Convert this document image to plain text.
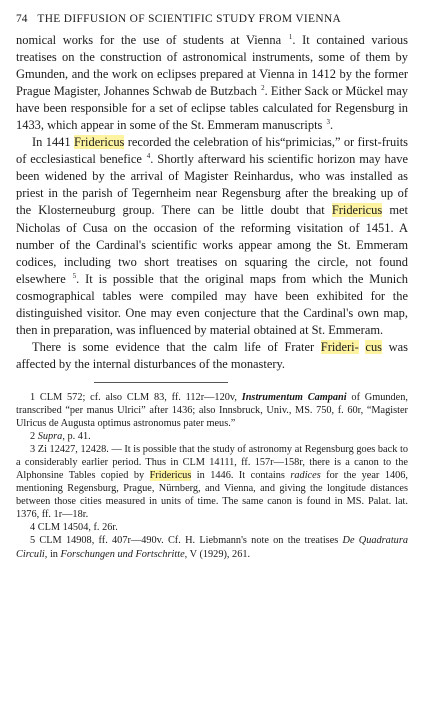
74 THE DIFFUSION OF SCIENTIFIC STUDY FROM VIENNA

nomical works for the use of students at Vienna $^1$. It contained various treatises on the construction of astronomical instruments, some of them by Gmunden, and the work on eclipses prepared at Vienna in 1412 by the former Prague Magister, Johannes Schwab de Butzbach $^2$. Either Sack or Mückel may have been responsible for a set of eclipse tables calculated for Regensburg in 1433, which appear in some of the St. Emmeram manuscripts $^3$.

In 1441 Fridericus recorded the celebration of his“primicias,” or first-fruits of ecclesiastical benefice $^4$. Shortly afterward his scientific horizon may have been widened by the arrival of Magister Reinhardus, who was installed as priest in the parish of Tegernheim near Regensburg after the breaking up of the Klosterneuburg group. There can be little doubt that Fridericus met Nicholas of Cusa on the occasion of the reforming visitation of 1451. A number of the Cardinal's scientific works appear among the St. Emmeram codices, including two short treatises on squaring the circle, not found elsewhere $^5$. It is possible that the original maps from which the Munich cosmographical tables were compiled may have been exhibited for the distinguished visitor. One may even conjecture that the Cardinal's own map, then in preparation, was influenced by material obtained at St. Emmeram.

There is some evidence that the calm life of Frater Frideri- cus was affected by the internal disturbances of the monastery.

1 CLM 572; cf. also CLM 83, ff. 112r—120v, Instrumentum Campani of Gmunden, transcribed “per manus Ulrici” after 1436; also Innsbruck, Univ., MS. 750, f. 60r, “Magister Ulricus de Augusta optimus astronomus pater meus.”

2 Supra, p. 41.

3 Zi 12427, 12428. — It is possible that the study of astronomy at Regensburg goes back to a considerably earlier period. Thus in CLM 14111, ff. 157r—158r, there is a canon to the Alphonsine Tables copied by Fridericus in 1446. It contains radices for the year 1406, mentioning Regensburg, Prague, Nürnberg, and Vienna, and giving the longitude distances between those cities measured in units of time. The same canon is found in MS. Palat. lat. 1376, ff. 1r—18r.

4 CLM 14504, f. 26r.

5 CLM 14908, ff. 407r—490v. Cf. H. Liebmann's note on the treatises De Quadratura Circuli, in Forschungen und Fortschritte, V (1929), 261.
